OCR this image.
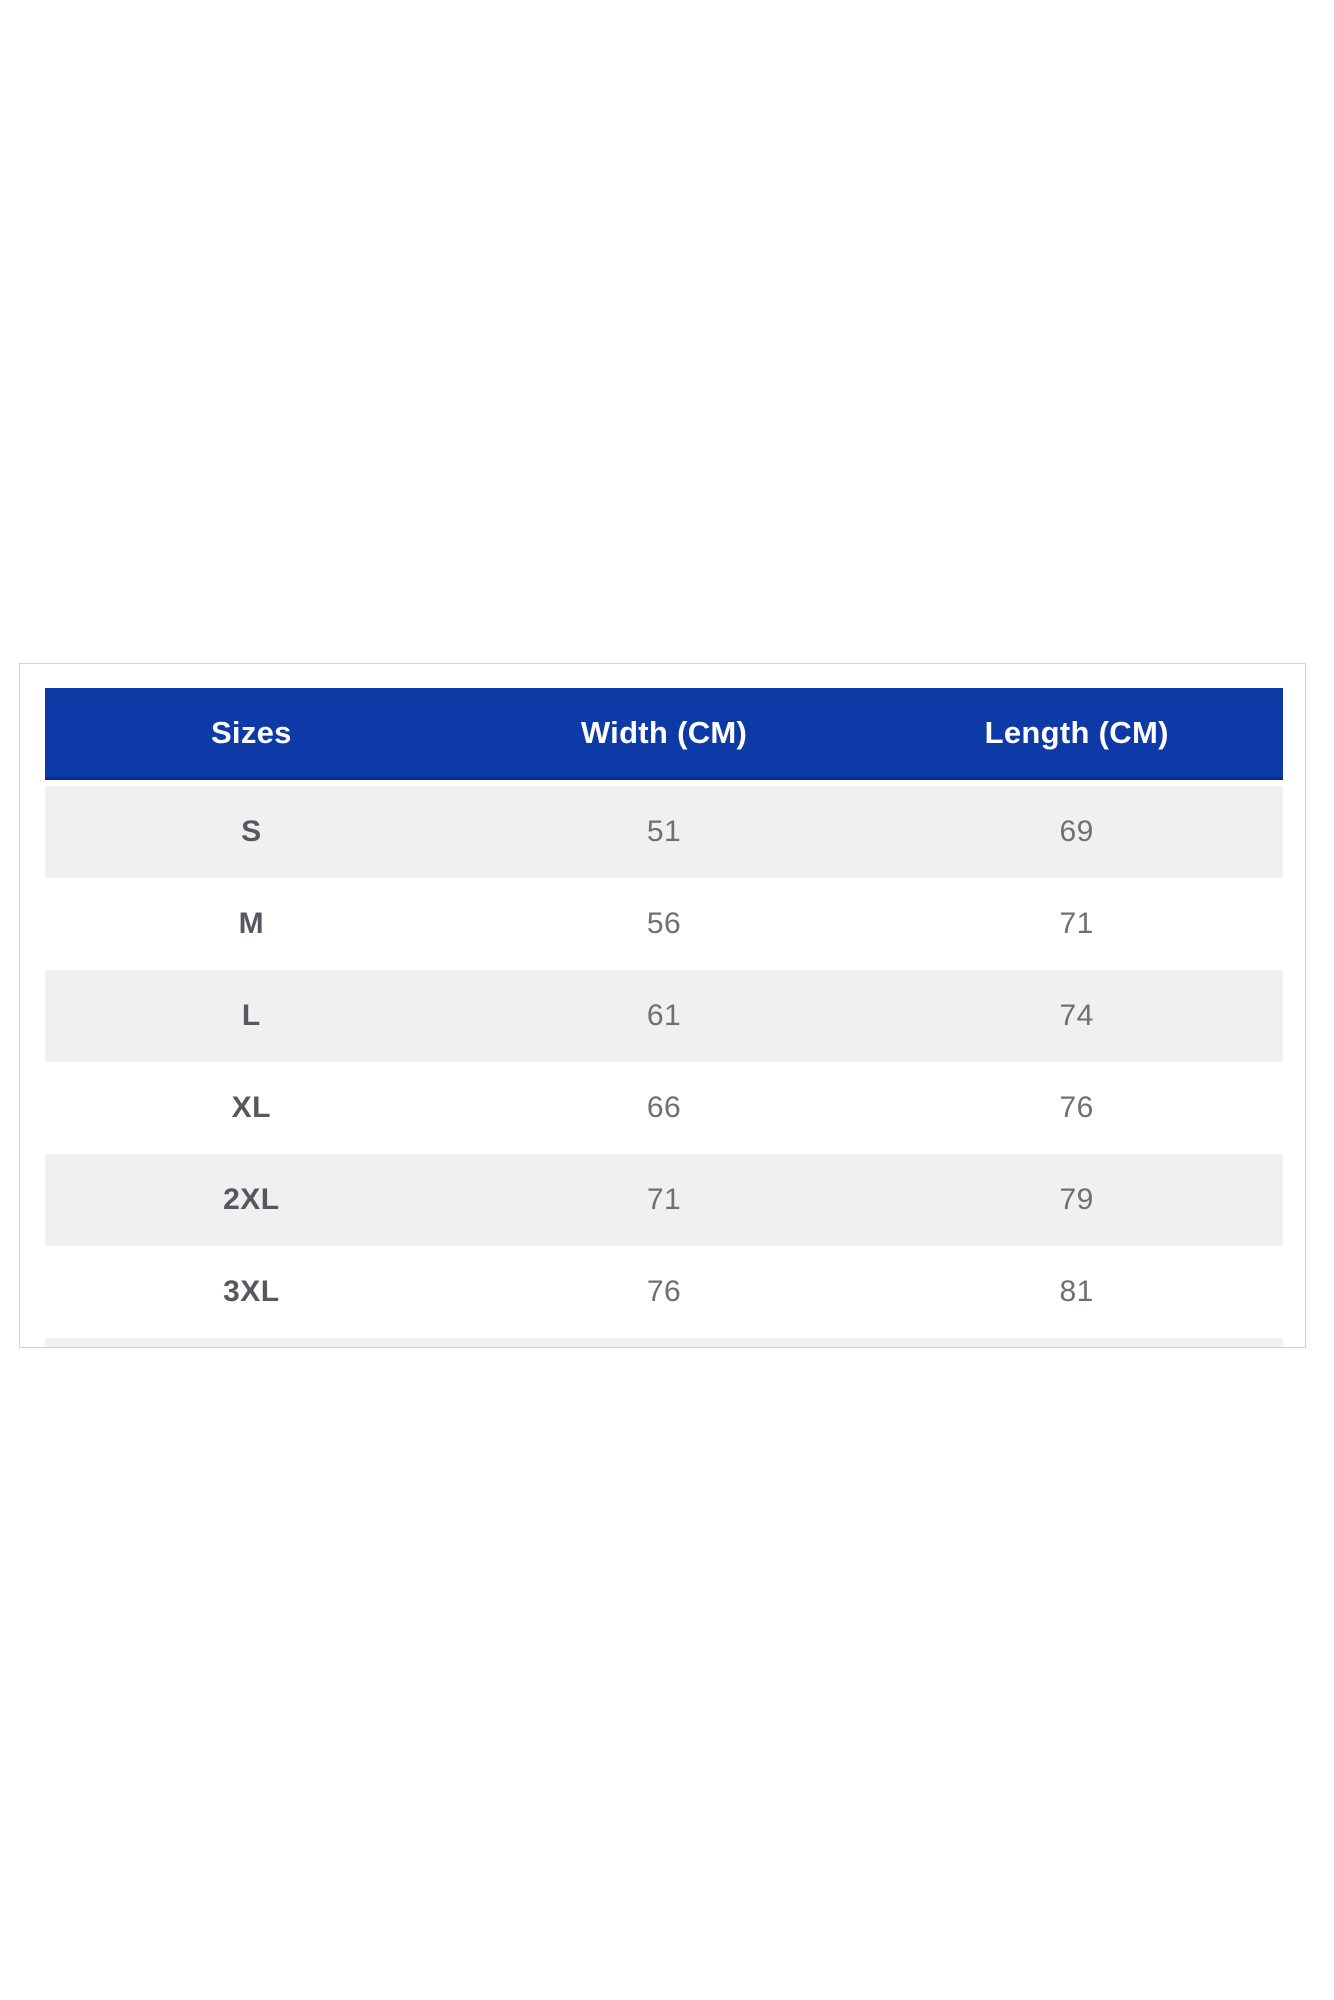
Sizes	Width (CM)	Length (CM)
S	51	69
M	56	71
L	61	74
XL	66	76
2XL	71	79
3XL	76	81
